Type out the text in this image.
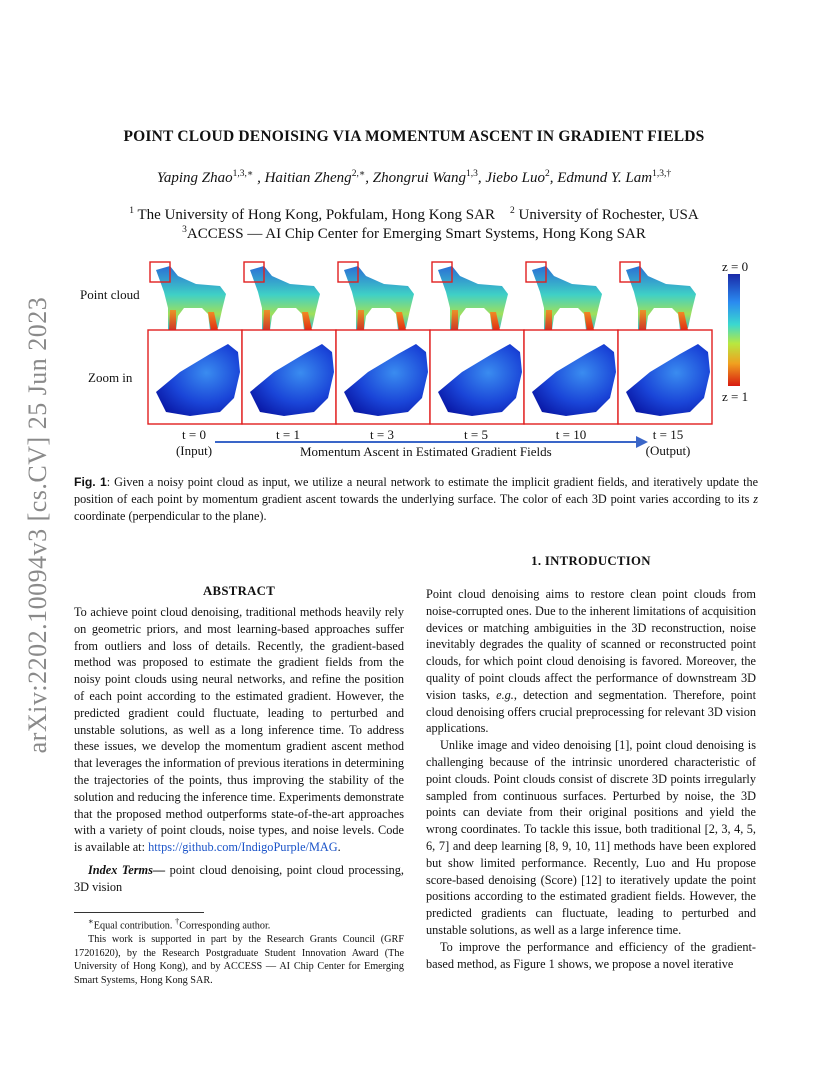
arXiv:2202.10094v3 [cs.CV] 25 Jun 2023
POINT CLOUD DENOISING VIA MOMENTUM ASCENT IN GRADIENT FIELDS
Yaping Zhao$^{1,3,∗}$ , Haitian Zheng$^{2,∗}$, Zhongrui Wang$^{1,3}$, Jiebo Luo$^2$, Edmund Y. Lam$^{1,3,\dagger}$
$^1$ The University of Hong Kong, Pokfulam, Hong Kong SAR $^2$ University of Rochester, USA
$^3$ACCESS — AI Chip Center for Emerging Smart Systems, Hong Kong SAR
Point cloud
Zoom in
z = 0
z = 1
t = 0
(Input)
t = 1	t = 3	t = 5	t = 10	t = 15
(Output)
Momentum Ascent in Estimated Gradient Fields
Fig. 1: Given a noisy point cloud as input, we utilize a neural network to estimate the implicit gradient fields, and iteratively update the position of each point by momentum gradient ascent towards the underlying surface. The color of each 3D point varies according to its z coordinate (perpendicular to the plane).
ABSTRACT

To achieve point cloud denoising, traditional methods heavily rely on geometric priors, and most learning-based approaches suffer from outliers and loss of details. Recently, the gradient-based method was proposed to estimate the gradient fields from the noisy point clouds using neural networks, and refine the position of each point according to the estimated gradient. However, the predicted gradient could fluctuate, leading to perturbed and unstable solutions, as well as a long inference time. To address these issues, we develop the momentum gradient ascent method that leverages the information of previous iterations in determining the trajectories of the points, thus improving the stability of the solution and reducing the inference time. Experiments demonstrate that the proposed method outperforms state-of-the-art approaches with a variety of point clouds, noise types, and noise levels. Code is available at: https://github.com/IndigoPurple/MAG.

Index Terms— point cloud denoising, point cloud processing, 3D vision

∗Equal contribution. †Corresponding author.
This work is supported in part by the Research Grants Council (GRF 17201620), by the Research Postgraduate Student Innovation Award (The University of Hong Kong), and by ACCESS — AI Chip Center for Emerging Smart Systems, Hong Kong SAR.
1. INTRODUCTION

Point cloud denoising aims to restore clean point clouds from noise-corrupted ones. Due to the inherent limitations of acquisition devices or matching ambiguities in the 3D reconstruction, noise inevitably degrades the quality of scanned or reconstructed point clouds, for which point cloud denoising is favored. Moreover, the quality of point clouds affect the performance of downstream 3D vision tasks, e.g., detection and segmentation. Therefore, point cloud denoising offers crucial preprocessing for relevant 3D vision applications.

Unlike image and video denoising [1], point cloud denoising is challenging because of the intrinsic unordered characteristic of point clouds. Point clouds consist of discrete 3D points irregularly sampled from continuous surfaces. Perturbed by noise, the 3D points can deviate from their original positions and yield the wrong coordinates. To tackle this issue, both traditional [2, 3, 4, 5, 6, 7] and deep learning [8, 9, 10, 11] methods have been explored but show limited performance. Recently, Luo and Hu propose score-based denoising (Score) [12] to iteratively update the point positions according to the estimated gradient fields. However, the predicted gradients can fluctuate, leading to perturbed and unstable solutions, as well as a large inference time.

To improve the performance and efficiency of the gradient-based method, as Figure 1 shows, we propose a novel iterative
